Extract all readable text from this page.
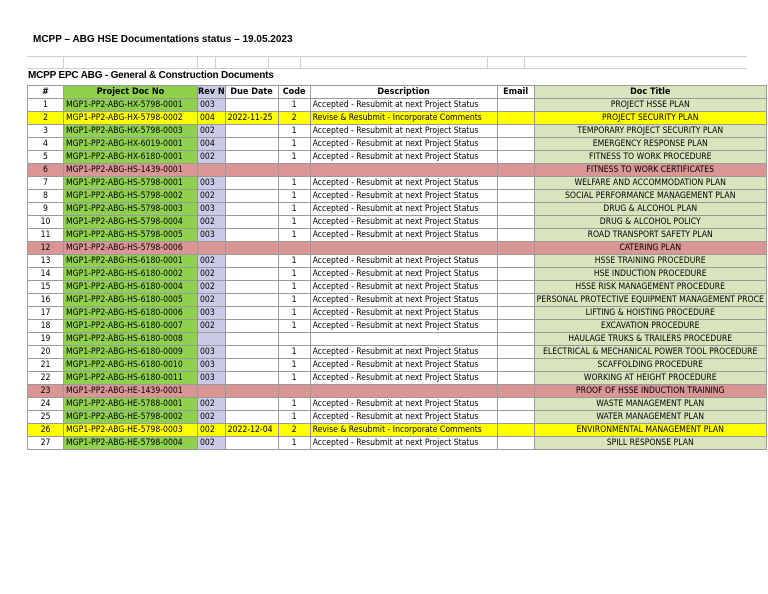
MCPP – ABG HSE Documentations status – 19.05.2023
MCPP EPC ABG - General & Construction Documents
#	Project Doc No	Rev N	Due Date	Code	Description	Email	Doc Title
1	MGP1-PP2-ABG-HX-5798-0001	003		1	Accepted - Resubmit at next Project Status		PROJECT HSSE PLAN
2	MGP1-PP2-ABG-HX-5798-0002	004	2022-11-25	2	Revise & Resubmit - Incorporate Comments		PROJECT SECURITY PLAN
3	MGP1-PP2-ABG-HX-5798-0003	002		1	Accepted - Resubmit at next Project Status		TEMPORARY PROJECT SECURITY PLAN
4	MGP1-PP2-ABG-HX-6019-0001	004		1	Accepted - Resubmit at next Project Status		EMERGENCY RESPONSE PLAN
5	MGP1-PP2-ABG-HX-6180-0001	002		1	Accepted - Resubmit at next Project Status		FITNESS TO WORK PROCEDURE
6	MGP1-PP2-ABG-HS-1439-0001						FITNESS TO WORK CERTIFICATES
7	MGP1-PP2-ABG-HS-5798-0001	003		1	Accepted - Resubmit at next Project Status		WELFARE AND ACCOMMODATION PLAN
8	MGP1-PP2-ABG-HS-5798-0002	002		1	Accepted - Resubmit at next Project Status		SOCIAL PERFORMANCE MANAGEMENT PLAN
9	MGP1-PP2-ABG-HS-5798-0003	003		1	Accepted - Resubmit at next Project Status		DRUG & ALCOHOL PLAN
10	MGP1-PP2-ABG-HS-5798-0004	002		1	Accepted - Resubmit at next Project Status		DRUG & ALCOHOL POLICY
11	MGP1-PP2-ABG-HS-5798-0005	003		1	Accepted - Resubmit at next Project Status		ROAD TRANSPORT SAFETY PLAN
12	MGP1-PP2-ABG-HS-5798-0006						CATERING PLAN
13	MGP1-PP2-ABG-HS-6180-0001	002		1	Accepted - Resubmit at next Project Status		HSSE TRAINING PROCEDURE
14	MGP1-PP2-ABG-HS-6180-0002	002		1	Accepted - Resubmit at next Project Status		HSE INDUCTION PROCEDURE
15	MGP1-PP2-ABG-HS-6180-0004	002		1	Accepted - Resubmit at next Project Status		HSSE RISK MANAGEMENT PROCEDURE
16	MGP1-PP2-ABG-HS-6180-0005	002		1	Accepted - Resubmit at next Project Status		PERSONAL PROTECTIVE EQUIPMENT MANAGEMENT PROCE
17	MGP1-PP2-ABG-HS-6180-0006	003		1	Accepted - Resubmit at next Project Status		LIFTING & HOISTING PROCEDURE
18	MGP1-PP2-ABG-HS-6180-0007	002		1	Accepted - Resubmit at next Project Status		EXCAVATION PROCEDURE
19	MGP1-PP2-ABG-HS-6180-0008						HAULAGE TRUKS & TRAILERS PROCEDURE
20	MGP1-PP2-ABG-HS-6180-0009	003		1	Accepted - Resubmit at next Project Status		ELECTRICAL & MECHANICAL POWER TOOL PROCEDURE
21	MGP1-PP2-ABG-HS-6180-0010	003		1	Accepted - Resubmit at next Project Status		SCAFFOLDING PROCEDURE
22	MGP1-PP2-ABG-HS-6180-0011	003		1	Accepted - Resubmit at next Project Status		WORKING AT HEIGHT PROCEDURE
23	MGP1-PP2-ABG-HE-1439-0001						PROOF OF HSSE INDUCTION TRAINING
24	MGP1-PP2-ABG-HE-5788-0001	002		1	Accepted - Resubmit at next Project Status		WASTE MANAGEMENT PLAN
25	MGP1-PP2-ABG-HE-5798-0002	002		1	Accepted - Resubmit at next Project Status		WATER MANAGEMENT PLAN
26	MGP1-PP2-ABG-HE-5798-0003	002	2022-12-04	2	Revise & Resubmit - Incorporate Comments		ENVIRONMENTAL MANAGEMENT PLAN
27	MGP1-PP2-ABG-HE-5798-0004	002		1	Accepted - Resubmit at next Project Status		SPILL RESPONSE PLAN
